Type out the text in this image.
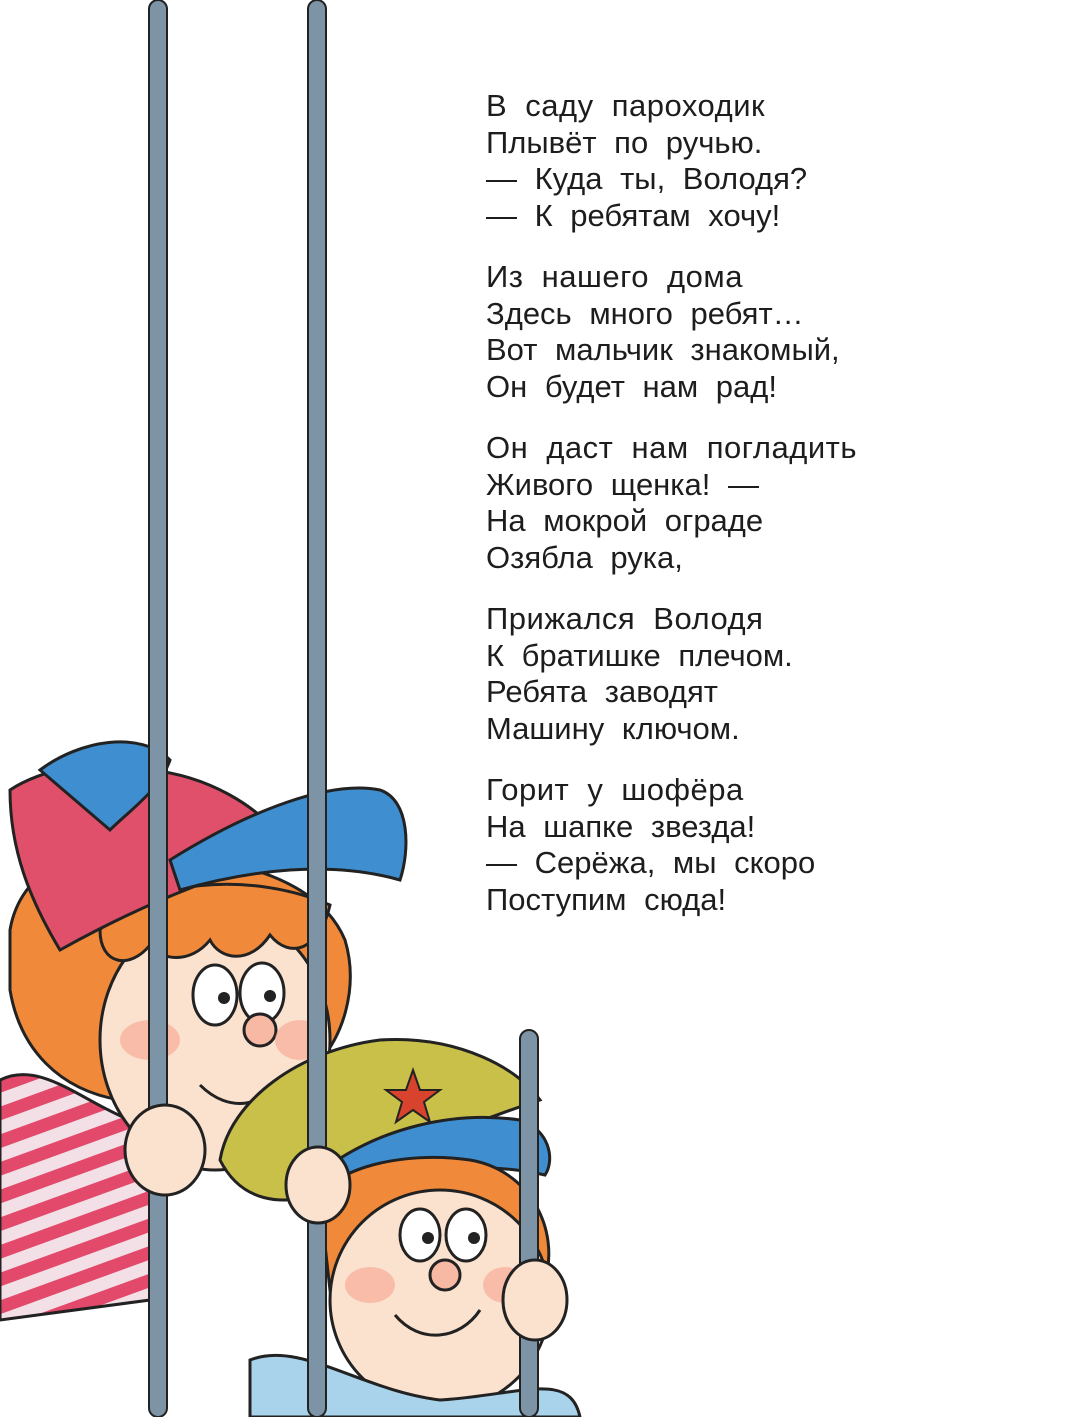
В саду пароходик
Плывёт по ручью.
— Куда ты, Володя?
— К ребятам хочу!
Из нашего дома
Здесь много ребят…
Вот мальчик знакомый,
Он будет нам рад!
Он даст нам погладить
Живого щенка! —
На мокрой ограде
Озябла рука,
Прижался Володя
К братишке плечом.
Ребята заводят
Машину ключом.
Горит у шофёра
На шапке звезда!
— Серёжа, мы скоро
Поступим сюда!
